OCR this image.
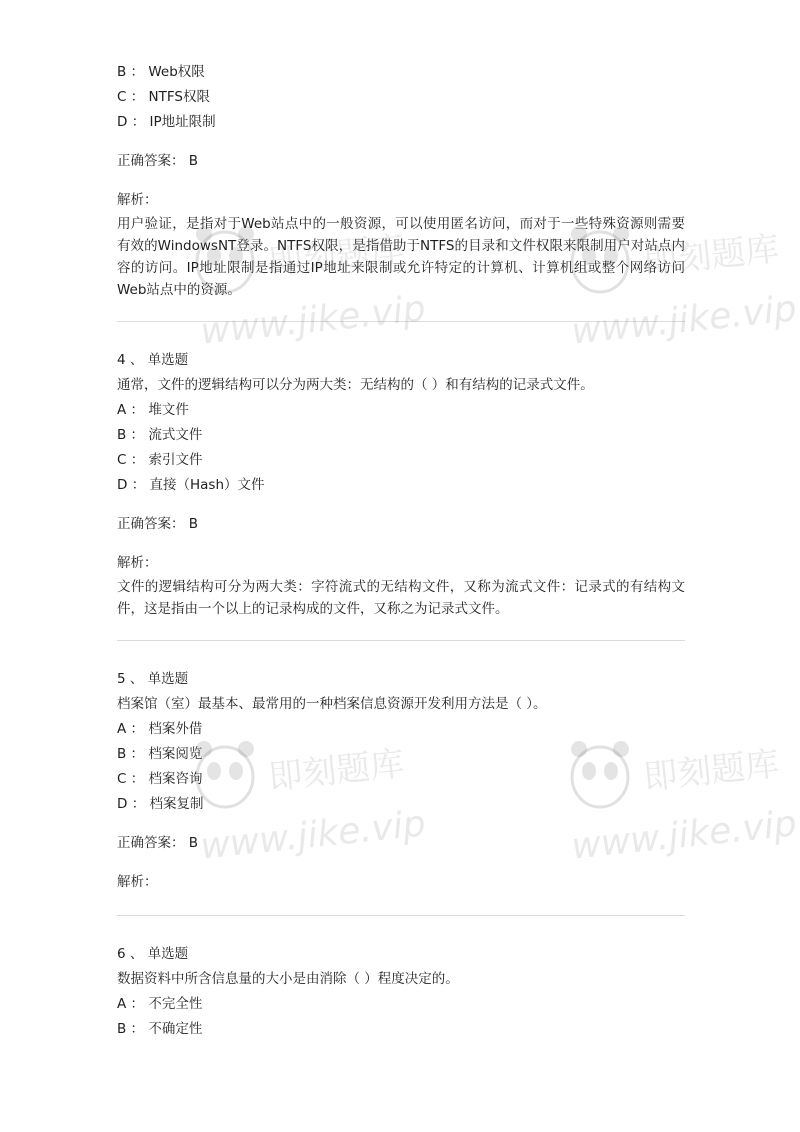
B ： Web权限
C ： NTFS权限
D ： IP地址限制
正确答案： B
解析：
用户验证，是指对于Web站点中的一般资源，可以使用匿名访问，而对于一些特殊资源则需要有效的WindowsNT登录。NTFS权限，是指借助于NTFS的目录和文件权限来限制用户对站点内容的访问。IP地址限制是指通过IP地址来限制或允许特定的计算机、计算机组或整个网络访问Web站点中的资源。
4 、 单选题
通常，文件的逻辑结构可以分为两大类：无结构的（ ）和有结构的记录式文件。
A ： 堆文件
B ： 流式文件
C ： 索引文件
D ： 直接（Hash）文件
正确答案： B
解析：
文件的逻辑结构可分为两大类：字符流式的无结构文件，又称为流式文件：记录式的有结构文件，这是指由一个以上的记录构成的文件，又称之为记录式文件。
5 、 单选题
档案馆（室）最基本、最常用的一种档案信息资源开发利用方法是（ ）。
A ： 档案外借
B ： 档案阅览
C ： 档案咨询
D ： 档案复制
正确答案： B
解析：
6 、 单选题
数据资料中所含信息量的大小是由消除（ ）程度决定的。
A ： 不完全性
B ： 不确定性
即刻题库
www.jike.vip
即刻题库
www.jike.vip
即刻题库
www.jike.vip
即刻题库
www.jike.vip
